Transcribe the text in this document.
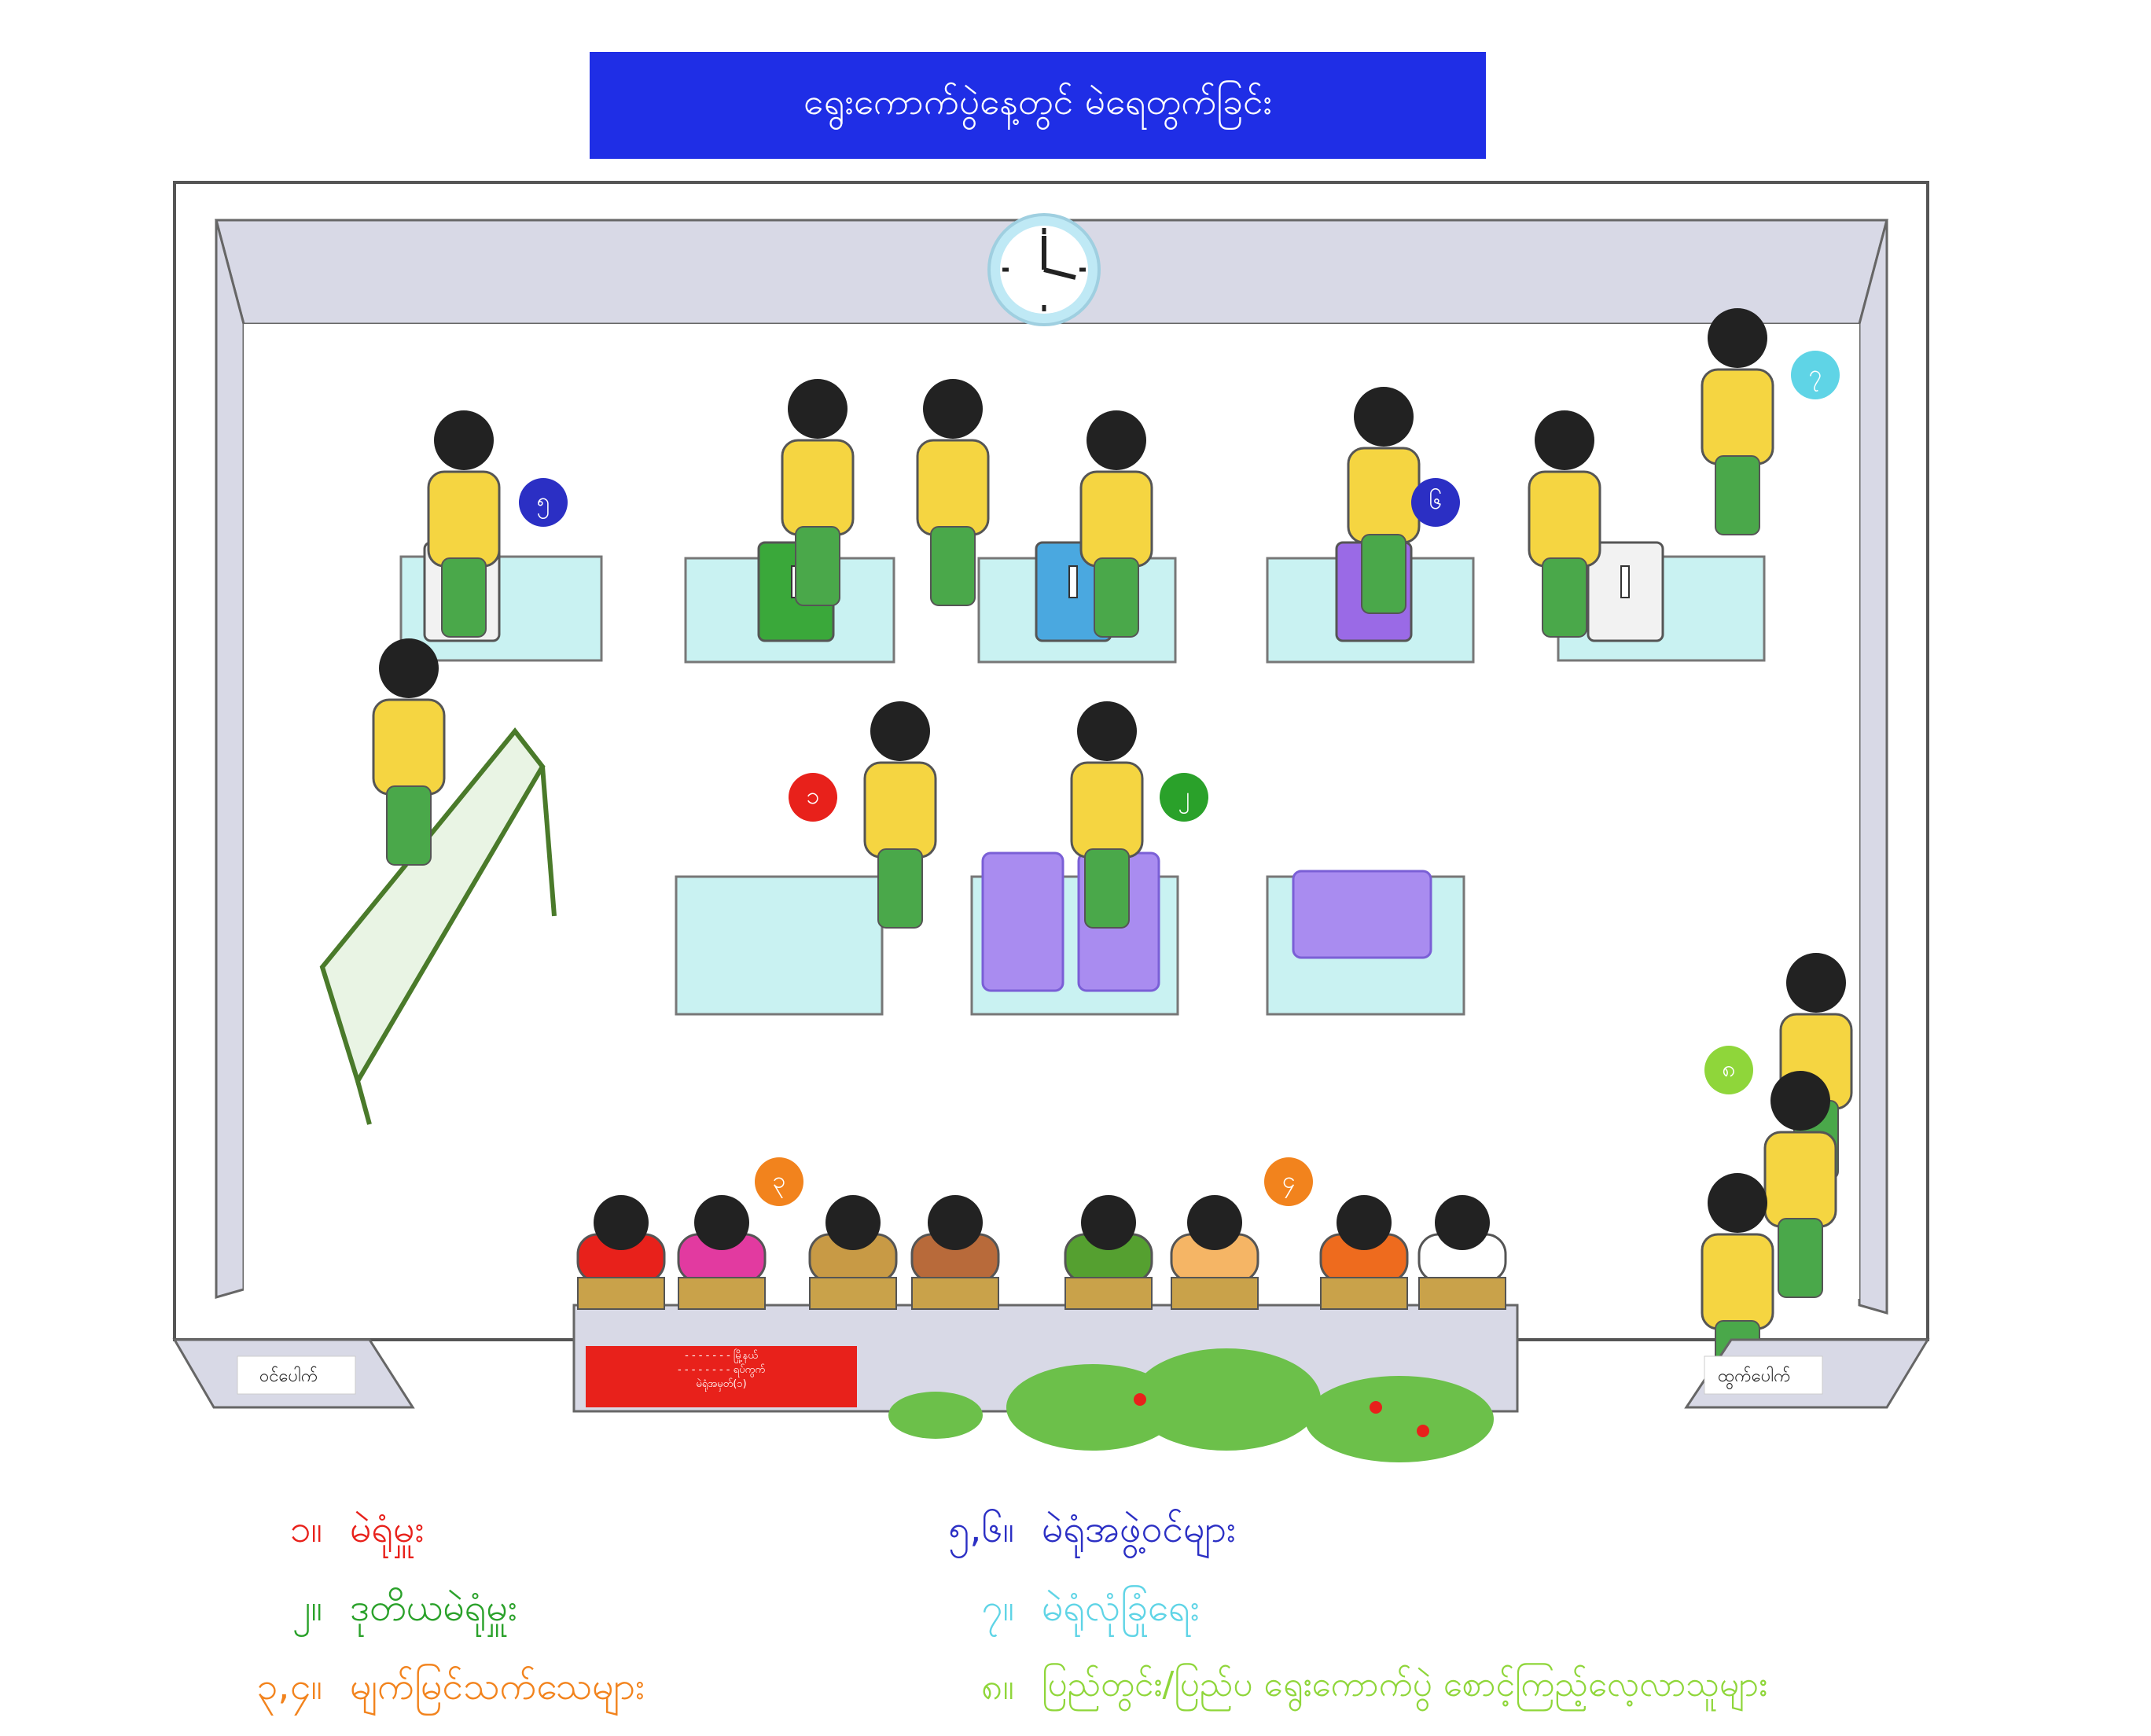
ရွေးကောက်ပွဲနေ့တွင် မဲရေတွက်ခြင်း
ဝင်ပေါက်	ထွက်ပေါက်
- - - - - - - မြို့နယ်
- - - - - - - - ရပ်ကွက်
မဲရုံအမှတ်(၁)
၁	၂
၃	၄
၅	၆
၇
၈
၁။ မဲရုံမှူး
၂။ ဒုတိယမဲရုံမှူး
၃,၄။ မျက်မြင်သက်သေများ
၅,၆။ မဲရုံအဖွဲ့ဝင်များ
၇။ မဲရုံလုံခြုံရေး
၈။ ပြည်တွင်း/ပြည်ပ ရွေးကောက်ပွဲ စောင့်ကြည့်လေ့လာသူများ
